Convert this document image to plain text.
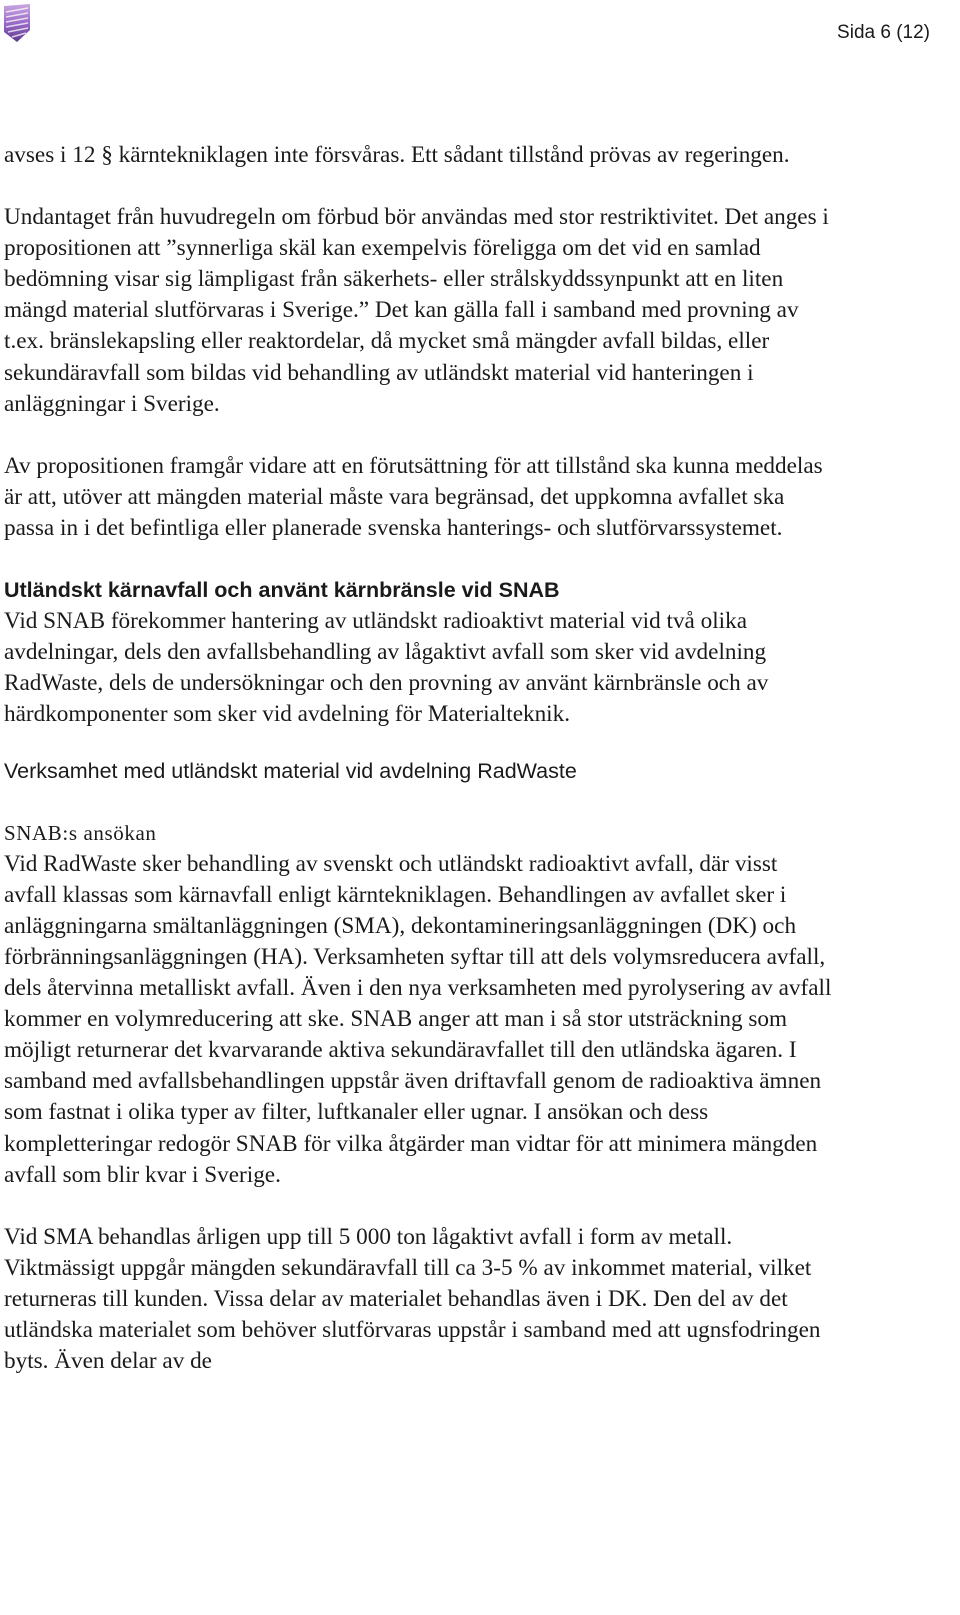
Sida 6 (12)

avses i 12 § kärntekniklagen inte försvåras. Ett sådant tillstånd prövas av regeringen.

Undantaget från huvudregeln om förbud bör användas med stor restriktivitet. Det anges i propositionen att ”synnerliga skäl kan exempelvis föreligga om det vid en samlad bedömning visar sig lämpligast från säkerhets- eller strålskyddssynpunkt att en liten mängd material slutförvaras i Sverige.” Det kan gälla fall i samband med provning av t.ex. bränslekapsling eller reaktordelar, då mycket små mängder avfall bildas, eller sekundäravfall som bildas vid behandling av utländskt material vid hanteringen i anläggningar i Sverige.

Av propositionen framgår vidare att en förutsättning för att tillstånd ska kunna meddelas är att, utöver att mängden material måste vara begränsad, det uppkomna avfallet ska passa in i det befintliga eller planerade svenska hanterings- och slutförvarssystemet.

Utländskt kärnavfall och använt kärnbränsle vid SNAB

Vid SNAB förekommer hantering av utländskt radioaktivt material vid två olika avdelningar, dels den avfallsbehandling av lågaktivt avfall som sker vid avdelning RadWaste, dels de undersökningar och den provning av använt kärnbränsle och av härdkomponenter som sker vid avdelning för Materialteknik.

Verksamhet med utländskt material vid avdelning RadWaste
SNAB:s ansökan

Vid RadWaste sker behandling av svenskt och utländskt radioaktivt avfall, där visst avfall klassas som kärnavfall enligt kärntekniklagen. Behandlingen av avfallet sker i anläggningarna smältanläggningen (SMA), dekontamineringsanläggningen (DK) och förbränningsanläggningen (HA). Verksamheten syftar till att dels volymsreducera avfall, dels återvinna metalliskt avfall. Även i den nya verksamheten med pyrolysering av avfall kommer en volymreducering att ske. SNAB anger att man i så stor utsträckning som möjligt returnerar det kvarvarande aktiva sekundäravfallet till den utländska ägaren. I samband med avfallsbehandlingen uppstår även driftavfall genom de radioaktiva ämnen som fastnat i olika typer av filter, luftkanaler eller ugnar. I ansökan och dess kompletteringar redogör SNAB för vilka åtgärder man vidtar för att minimera mängden avfall som blir kvar i Sverige.

Vid SMA behandlas årligen upp till 5 000 ton lågaktivt avfall i form av metall. Viktmässigt uppgår mängden sekundäravfall till ca 3-5 % av inkommet material, vilket returneras till kunden. Vissa delar av materialet behandlas även i DK. Den del av det utländska materialet som behöver slutförvaras uppstår i samband med att ugnsfodringen byts. Även delar av de
